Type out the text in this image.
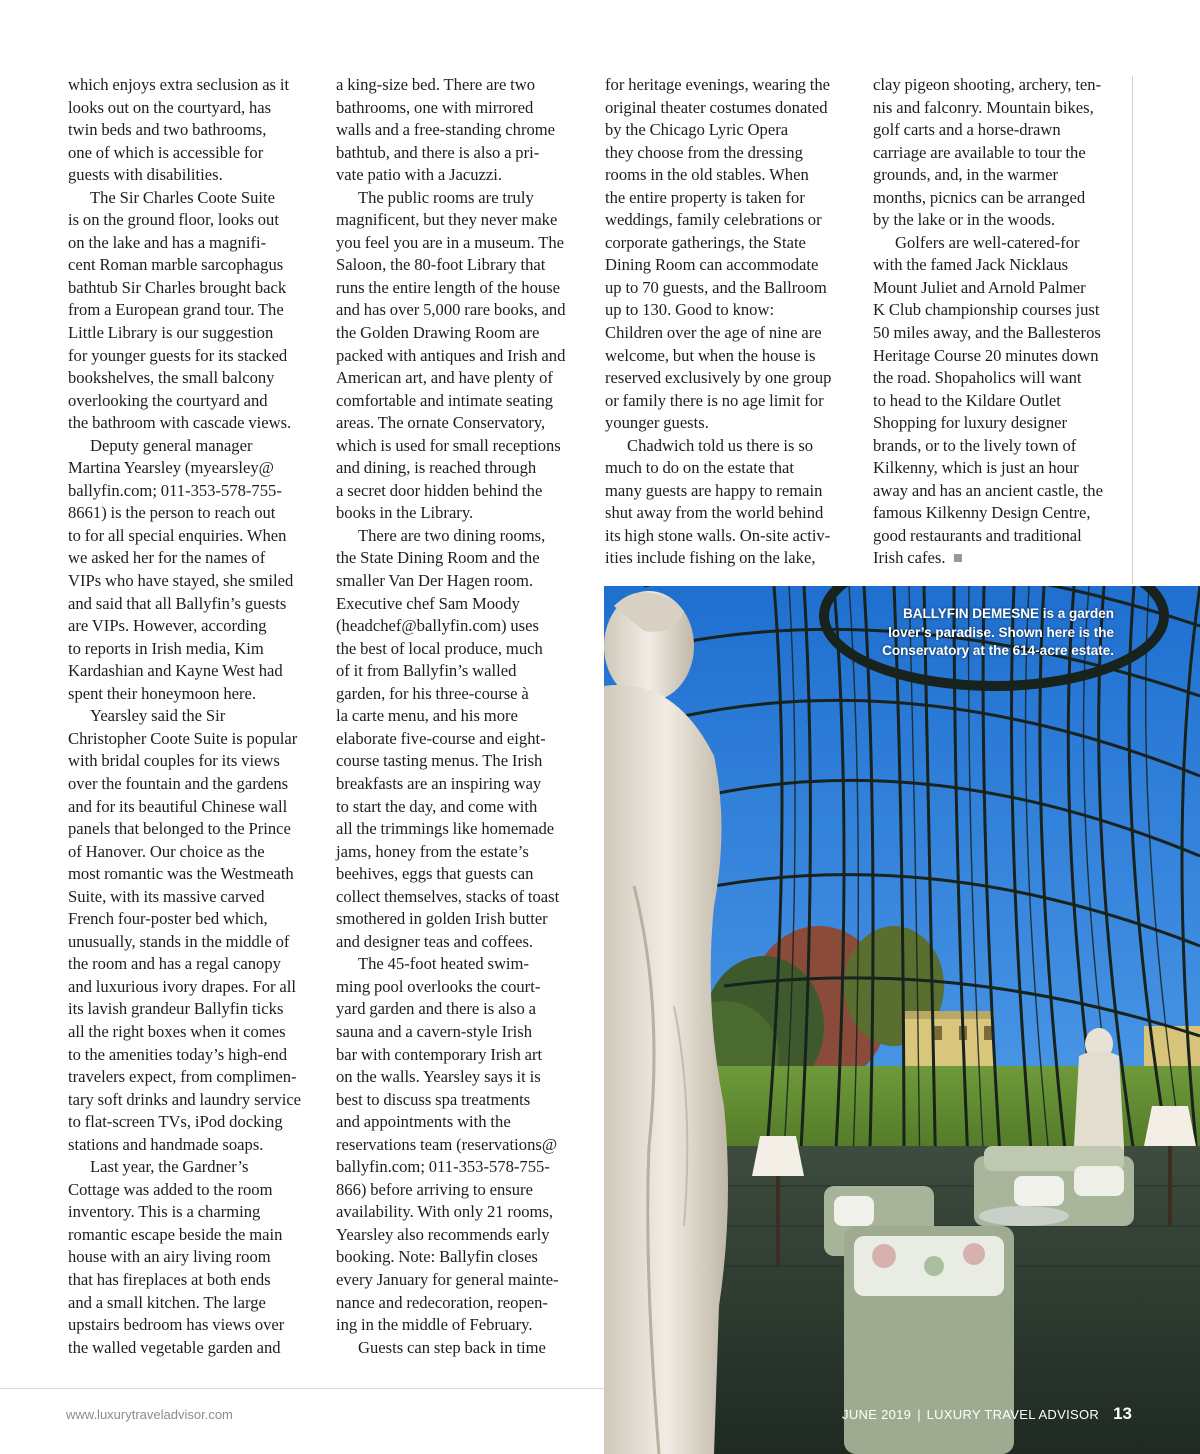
which enjoys extra seclusion as it
looks out on the courtyard, has
twin beds and two bathrooms,
one of which is accessible for
guests with disabilities.
The Sir Charles Coote Suite
is on the ground floor, looks out
on the lake and has a magnifi-
cent Roman marble sarcophagus
bathtub Sir Charles brought back
from a European grand tour. The
Little Library is our suggestion
for younger guests for its stacked
bookshelves, the small balcony
overlooking the courtyard and
the bathroom with cascade views.
Deputy general manager
Martina Yearsley (myearsley@
ballyfin.com; 011-353-578-755-
8661) is the person to reach out
to for all special enquiries. When
we asked her for the names of
VIPs who have stayed, she smiled
and said that all Ballyfin’s guests
are VIPs. However, according
to reports in Irish media, Kim
Kardashian and Kayne West had
spent their honeymoon here.
Yearsley said the Sir
Christopher Coote Suite is popular
with bridal couples for its views
over the fountain and the gardens
and for its beautiful Chinese wall
panels that belonged to the Prince
of Hanover. Our choice as the
most romantic was the Westmeath
Suite, with its massive carved
French four-poster bed which,
unusually, stands in the middle of
the room and has a regal canopy
and luxurious ivory drapes. For all
its lavish grandeur Ballyfin ticks
all the right boxes when it comes
to the amenities today’s high-end
travelers expect, from complimen-
tary soft drinks and laundry service
to flat-screen TVs, iPod docking
stations and handmade soaps.
Last year, the Gardner’s
Cottage was added to the room
inventory. This is a charming
romantic escape beside the main
house with an airy living room
that has fireplaces at both ends
and a small kitchen. The large
upstairs bedroom has views over
the walled vegetable garden and
a king-size bed. There are two
bathrooms, one with mirrored
walls and a free-standing chrome
bathtub, and there is also a pri-
vate patio with a Jacuzzi.
The public rooms are truly
magnificent, but they never make
you feel you are in a museum. The
Saloon, the 80-foot Library that
runs the entire length of the house
and has over 5,000 rare books, and
the Golden Drawing Room are
packed with antiques and Irish and
American art, and have plenty of
comfortable and intimate seating
areas. The ornate Conservatory,
which is used for small receptions
and dining, is reached through
a secret door hidden behind the
books in the Library.
There are two dining rooms,
the State Dining Room and the
smaller Van Der Hagen room.
Executive chef Sam Moody
(headchef@ballyfin.com) uses
the best of local produce, much
of it from Ballyfin’s walled
garden, for his three-course à
la carte menu, and his more
elaborate five-course and eight-
course tasting menus. The Irish
breakfasts are an inspiring way
to start the day, and come with
all the trimmings like homemade
jams, honey from the estate’s
beehives, eggs that guests can
collect themselves, stacks of toast
smothered in golden Irish butter
and designer teas and coffees.
The 45-foot heated swim-
ming pool overlooks the court-
yard garden and there is also a
sauna and a cavern-style Irish
bar with contemporary Irish art
on the walls. Yearsley says it is
best to discuss spa treatments
and appointments with the
reservations team (reservations@
ballyfin.com; 011-353-578-755-
866) before arriving to ensure
availability. With only 21 rooms,
Yearsley also recommends early
booking. Note: Ballyfin closes
every January for general mainte-
nance and redecoration, reopen-
ing in the middle of February.
Guests can step back in time
for heritage evenings, wearing the
original theater costumes donated
by the Chicago Lyric Opera
they choose from the dressing
rooms in the old stables. When
the entire property is taken for
weddings, family celebrations or
corporate gatherings, the State
Dining Room can accommodate
up to 70 guests, and the Ballroom
up to 130. Good to know:
Children over the age of nine are
welcome, but when the house is
reserved exclusively by one group
or family there is no age limit for
younger guests.
Chadwich told us there is so
much to do on the estate that
many guests are happy to remain
shut away from the world behind
its high stone walls. On-site activ-
ities include fishing on the lake,
clay pigeon shooting, archery, ten-
nis and falconry. Mountain bikes,
golf carts and a horse-drawn
carriage are available to tour the
grounds, and, in the warmer
months, picnics can be arranged
by the lake or in the woods.
Golfers are well-catered-for
with the famed Jack Nicklaus
Mount Juliet and Arnold Palmer
K Club championship courses just
50 miles away, and the Ballesteros
Heritage Course 20 minutes down
the road. Shopaholics will want
to head to the Kildare Outlet
Shopping for luxury designer
brands, or to the lively town of
Kilkenny, which is just an hour
away and has an ancient castle, the
famous Kilkenny Design Centre,
good restaurants and traditional
Irish cafes.
BALLYFIN DEMESNE is a garden
lover’s paradise. Shown here is the
Conservatory at the 614-acre estate.
www.luxurytraveladvisor.com	JUNE 2019 | LUXURY TRAVEL ADVISOR 13
